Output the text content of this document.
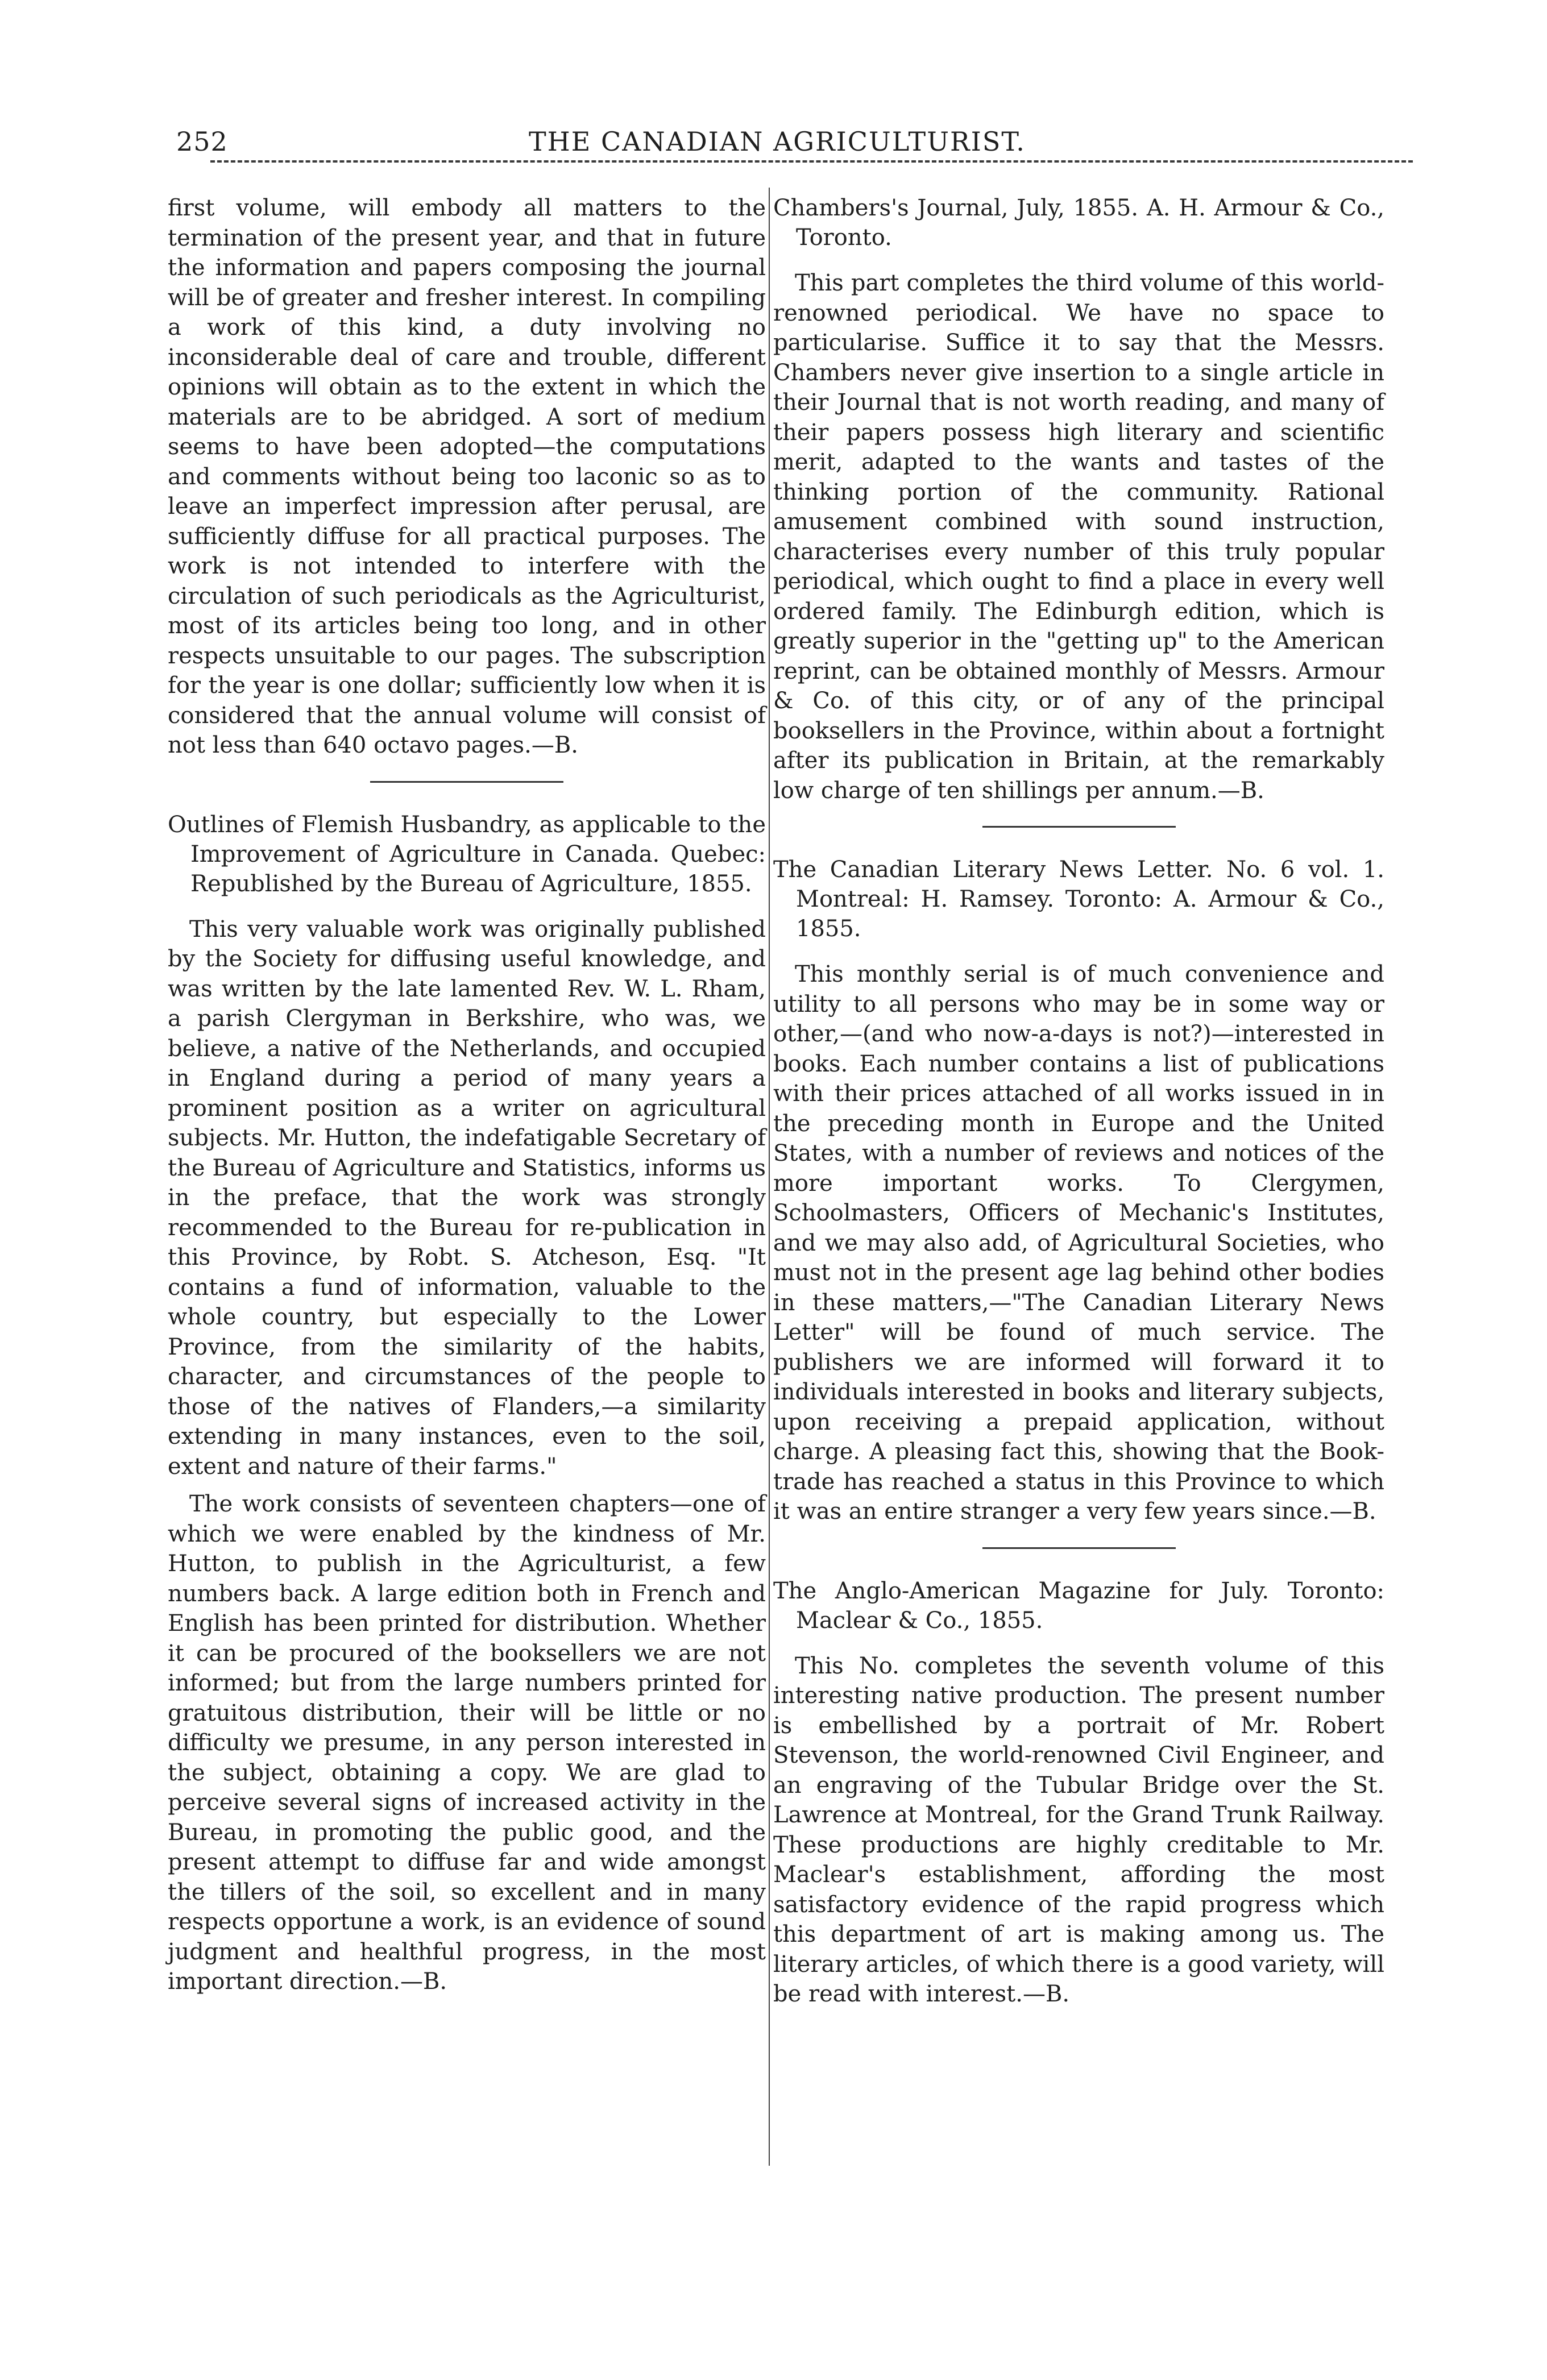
252	THE CANADIAN AGRICULTURIST.

first volume, will embody all matters to the termination of the present year, and that in future the information and papers composing the journal will be of greater and fresher interest. In compiling a work of this kind, a duty involving no inconsiderable deal of care and trouble, different opinions will obtain as to the extent in which the materials are to be abridged. A sort of medium seems to have been adopted—the computations and comments without being too laconic so as to leave an imperfect impression after perusal, are sufficiently diffuse for all practical purposes. The work is not intended to interfere with the circulation of such periodicals as the Agriculturist, most of its articles being too long, and in other respects unsuitable to our pages. The subscription for the year is one dollar; sufficiently low when it is considered that the annual volume will consist of not less than 640 octavo pages.—B.

Outlines of Flemish Husbandry, as applicable to the Improvement of Agriculture in Canada. Quebec: Republished by the Bureau of Agriculture, 1855.

This very valuable work was originally published by the Society for diffusing useful knowledge, and was written by the late lamented Rev. W. L. Rham, a parish Clergyman in Berkshire, who was, we believe, a native of the Netherlands, and occupied in England during a period of many years a prominent position as a writer on agricultural subjects. Mr. Hutton, the indefatigable Secretary of the Bureau of Agriculture and Statistics, informs us in the preface, that the work was strongly recommended to the Bureau for re-publication in this Province, by Robt. S. Atcheson, Esq. "It contains a fund of information, valuable to the whole country, but especially to the Lower Province, from the similarity of the habits, character, and circumstances of the people to those of the natives of Flanders,—a similarity extending in many instances, even to the soil, extent and nature of their farms."

The work consists of seventeen chapters—one of which we were enabled by the kindness of Mr. Hutton, to publish in the Agriculturist, a few numbers back. A large edition both in French and English has been printed for distribution. Whether it can be procured of the booksellers we are not informed; but from the large numbers printed for gratuitous distribution, their will be little or no difficulty we presume, in any person interested in the subject, obtaining a copy. We are glad to perceive several signs of increased activity in the Bureau, in promoting the public good, and the present attempt to diffuse far and wide amongst the tillers of the soil, so excellent and in many respects opportune a work, is an evidence of sound judgment and healthful progress, in the most important direction.—B.

Chambers's Journal, July, 1855. A. H. Armour & Co., Toronto.

This part completes the third volume of this world-renowned periodical. We have no space to particularise. Suffice it to say that the Messrs. Chambers never give insertion to a single article in their Journal that is not worth reading, and many of their papers possess high literary and scientific merit, adapted to the wants and tastes of the thinking portion of the community. Rational amusement combined with sound instruction, characterises every number of this truly popular periodical, which ought to find a place in every well ordered family. The Edinburgh edition, which is greatly superior in the "getting up" to the American reprint, can be obtained monthly of Messrs. Armour & Co. of this city, or of any of the principal booksellers in the Province, within about a fortnight after its publication in Britain, at the remarkably low charge of ten shillings per annum.—B.

The Canadian Literary News Letter. No. 6 vol. 1. Montreal: H. Ramsey. Toronto: A. Armour & Co., 1855.

This monthly serial is of much convenience and utility to all persons who may be in some way or other,—(and who now-a-days is not?)—interested in books. Each number contains a list of publications with their prices attached of all works issued in in the preceding month in Europe and the United States, with a number of reviews and notices of the more important works. To Clergymen, Schoolmasters, Officers of Mechanic's Institutes, and we may also add, of Agricultural Societies, who must not in the present age lag behind other bodies in these matters,—"The Canadian Literary News Letter" will be found of much service. The publishers we are informed will forward it to individuals interested in books and literary subjects, upon receiving a prepaid application, without charge. A pleasing fact this, showing that the Book-trade has reached a status in this Province to which it was an entire stranger a very few years since.—B.

The Anglo-American Magazine for July. Toronto: Maclear & Co., 1855.

This No. completes the seventh volume of this interesting native production. The present number is embellished by a portrait of Mr. Robert Stevenson, the world-renowned Civil Engineer, and an engraving of the Tubular Bridge over the St. Lawrence at Montreal, for the Grand Trunk Railway. These productions are highly creditable to Mr. Maclear's establishment, affording the most satisfactory evidence of the rapid progress which this department of art is making among us. The literary articles, of which there is a good variety, will be read with interest.—B.
